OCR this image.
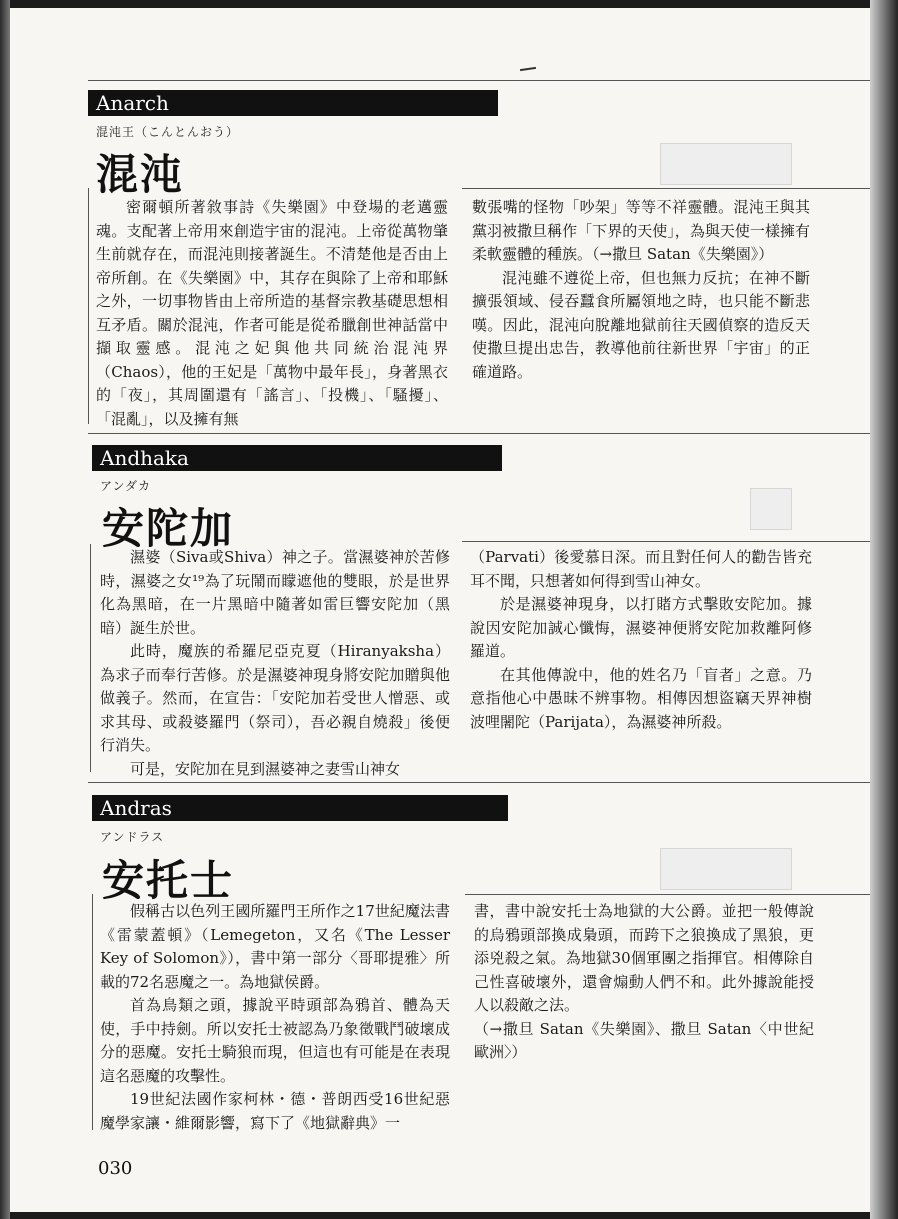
Anarch
混沌王（こんとんおう）
混沌

密爾頓所著敘事詩《失樂園》中登場的老邁靈魂。支配著上帝用來創造宇宙的混沌。上帝從萬物肇生前就存在，而混沌則接著誕生。不清楚他是否由上帝所創。在《失樂園》中，其存在與除了上帝和耶穌之外，一切事物皆由上帝所造的基督宗教基礎思想相互矛盾。關於混沌，作者可能是從希臘創世神話當中擷取靈感。混沌之妃與他共同統治混沌界（Chaos），他的王妃是「萬物中最年長」，身著黑衣的「夜」，其周圍還有「謠言」、「投機」、「騷擾」、「混亂」，以及擁有無

數張嘴的怪物「吵架」等等不祥靈體。混沌王與其黨羽被撒旦稱作「下界的天使」，為與天使一樣擁有柔軟靈體的種族。（→撒旦 Satan《失樂園》）

混沌雖不遵從上帝，但也無力反抗；在神不斷擴張領域、侵吞蠶食所屬領地之時，也只能不斷悲嘆。因此，混沌向脫離地獄前往天國偵察的造反天使撒旦提出忠告，教導他前往新世界「宇宙」的正確道路。

Andhaka
アンダカ
安陀加

濕婆（Siva或Shiva）神之子。當濕婆神於苦修時，濕婆之女¹⁹為了玩鬧而矇遮他的雙眼，於是世界化為黑暗，在一片黑暗中隨著如雷巨響安陀加（黑暗）誕生於世。

此時，魔族的希羅尼亞克夏（Hiranyaksha）為求子而奉行苦修。於是濕婆神現身將安陀加贈與他做義子。然而，在宣告：「安陀加若受世人憎惡、或求其母、或殺婆羅門（祭司），吾必親自燒殺」後便行消失。

可是，安陀加在見到濕婆神之妻雪山神女

（Parvati）後愛慕日深。而且對任何人的勸告皆充耳不聞，只想著如何得到雪山神女。

於是濕婆神現身，以打賭方式擊敗安陀加。據說因安陀加誠心懺悔，濕婆神便將安陀加救離阿修羅道。

在其他傳說中，他的姓名乃「盲者」之意。乃意指他心中愚昧不辨事物。相傳因想盜竊天界神樹波哩闍陀（Parijata），為濕婆神所殺。

Andras
アンドラス
安托士

假稱古以色列王國所羅門王所作之17世紀魔法書《雷蒙蓋頓》（Lemegeton，又名《The Lesser Key of Solomon》），書中第一部分〈哥耶提雅〉所載的72名惡魔之一。為地獄侯爵。

首為鳥類之頭，據說平時頭部為鴉首、體為天使，手中持劍。所以安托士被認為乃象徵戰鬥破壞成分的惡魔。安托士騎狼而現，但這也有可能是在表現這名惡魔的攻擊性。

19世紀法國作家柯林・德・普朗西受16世紀惡魔學家讓・維爾影響，寫下了《地獄辭典》一

書，書中說安托士為地獄的大公爵。並把一般傳說的烏鴉頭部換成梟頭，而跨下之狼換成了黑狼，更添兇殺之氣。為地獄30個軍團之指揮官。相傳除自己性喜破壞外，還會煽動人們不和。此外據說能授人以殺敵之法。

（→撒旦 Satan《失樂園》、撒旦 Satan〈中世紀歐洲〉）

030
